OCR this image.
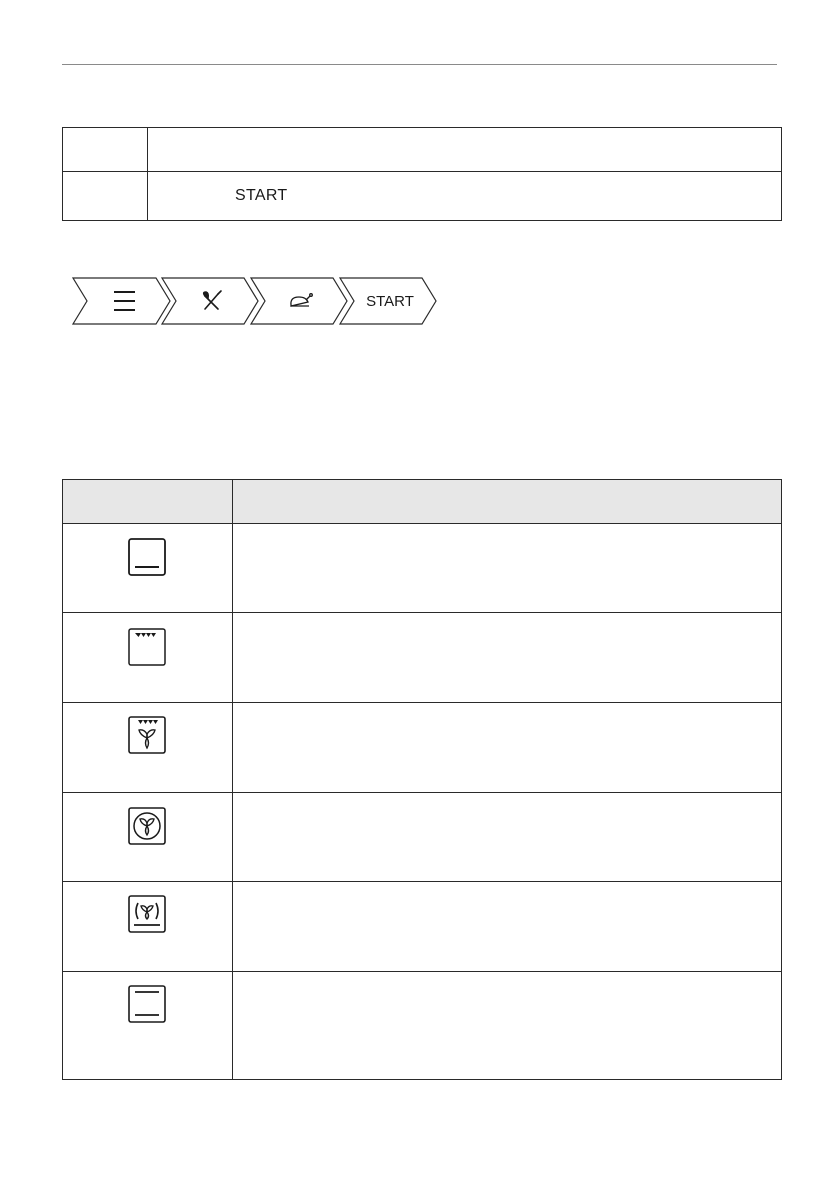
START
START
